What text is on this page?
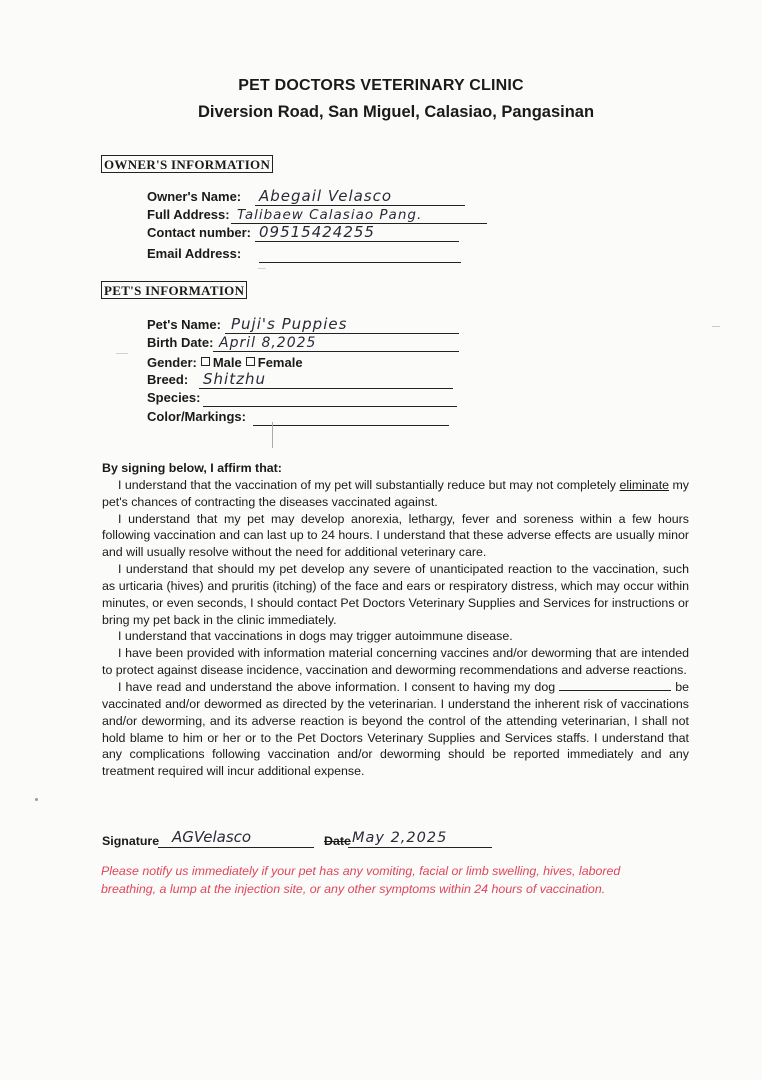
PET DOCTORS VETERINARY CLINIC
Diversion Road, San Miguel, Calasiao, Pangasinan
OWNER'S INFORMATION
Owner's Name: Abegail Velasco
Full Address: Talibaew Calasiao Pang.
Contact number: 09515424255
Email Address:
PET'S INFORMATION
Pet's Name: Puji's Puppies
Birth Date: April 8,2025
Gender: Male Female
Breed: Shitzhu
Species:
Color/Markings:

By signing below, I affirm that:

I understand that the vaccination of my pet will substantially reduce but may not completely eliminate my pet's chances of contracting the diseases vaccinated against.

I understand that my pet may develop anorexia, lethargy, fever and soreness within a few hours following vaccination and can last up to 24 hours. I understand that these adverse effects are usually minor and will usually resolve without the need for additional veterinary care.

I understand that should my pet develop any severe of unanticipated reaction to the vaccination, such as urticaria (hives) and pruritis (itching) of the face and ears or respiratory distress, which may occur within minutes, or even seconds, I should contact Pet Doctors Veterinary Supplies and Services for instructions or bring my pet back in the clinic immediately.

I understand that vaccinations in dogs may trigger autoimmune disease.

I have been provided with information material concerning vaccines and/or deworming that are intended to protect against disease incidence, vaccination and deworming recommendations and adverse reactions.

I have read and understand the above information. I consent to having my dog	be vaccinated and/or dewormed as directed by the veterinarian. I understand the inherent risk of vaccinations and/or deworming, and its adverse reaction is beyond the control of the attending veterinarian, I shall not hold blame to him or her or to the Pet Doctors Veterinary Supplies and Services staffs. I understand that any complications following vaccination and/or deworming should be reported immediately and any treatment required will incur additional expense.

Signature AGVelasco	Date May 2,2025
Please notify us immediately if your pet has any vomiting, facial or limb swelling, hives, labored breathing, a lump at the injection site, or any other symptoms within 24 hours of vaccination.
